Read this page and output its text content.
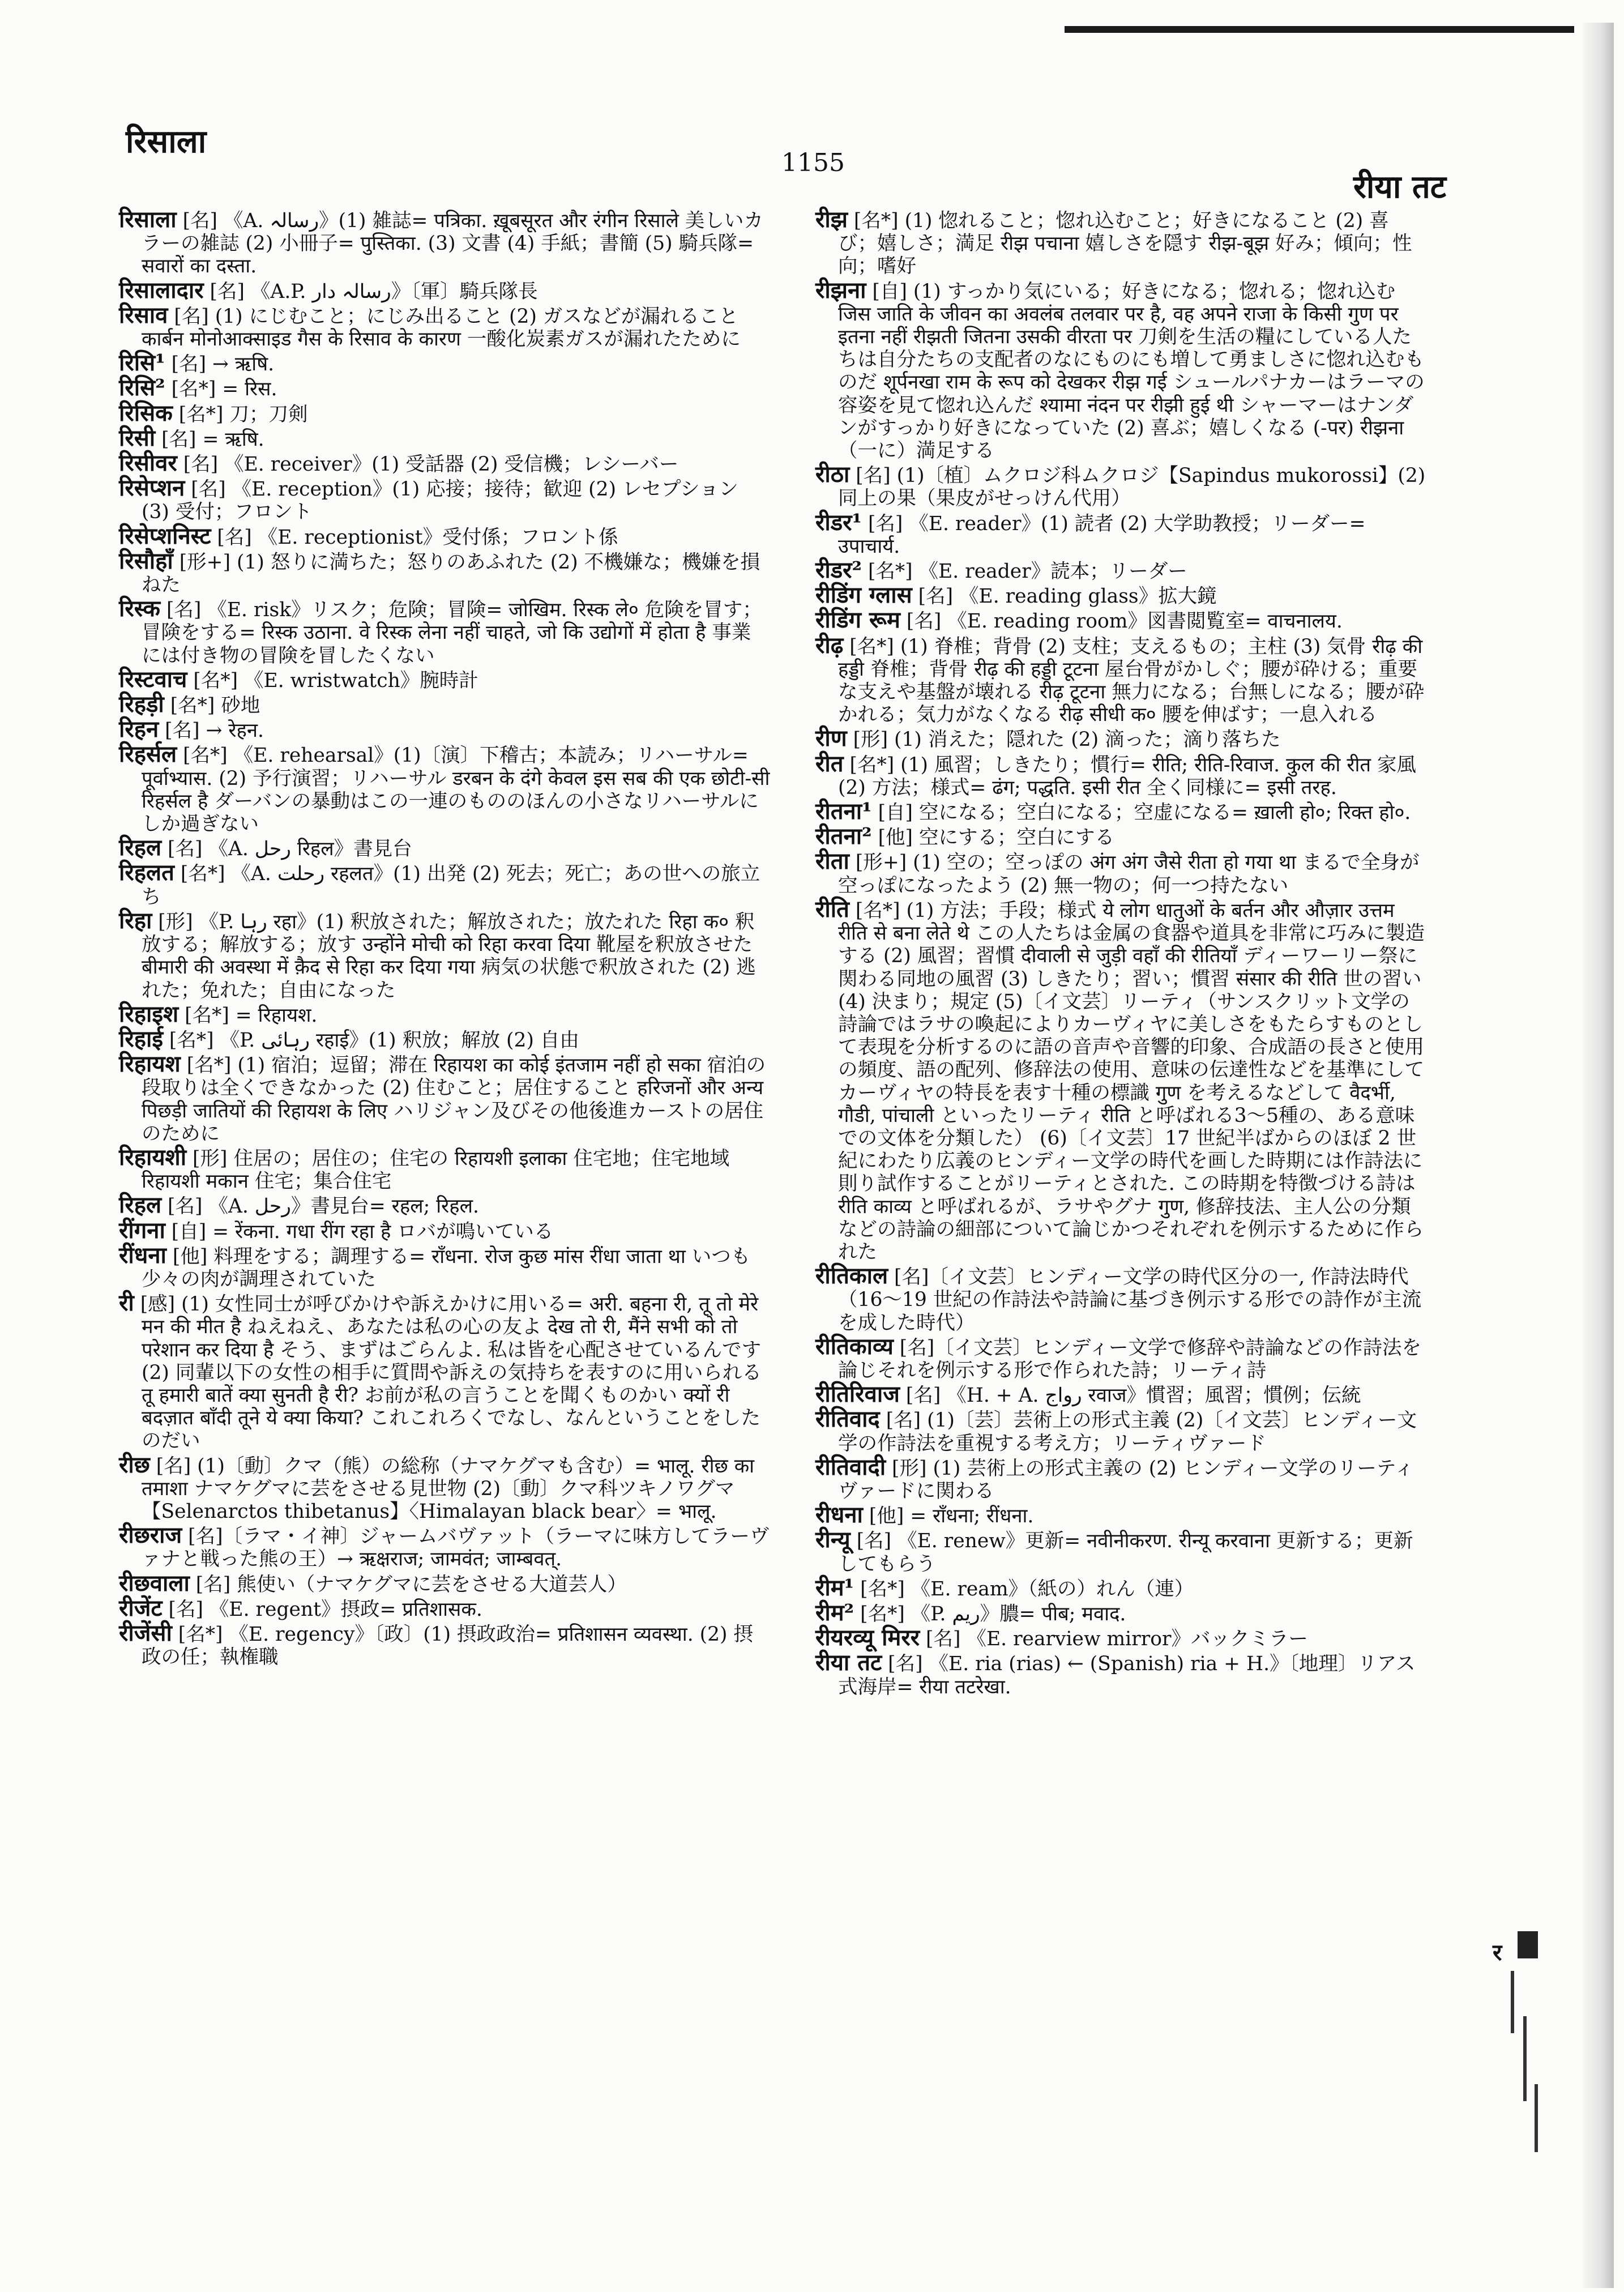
रिसाला
1155
रीया तट
रिसाला [名] 《A. رسالہ》(1) 雑誌= पत्रिका. ख़ूबसूरत और रंगीन रिसाले 美しいカラーの雑誌 (2) 小冊子= पुस्तिका. (3) 文書 (4) 手紙；書簡 (5) 騎兵隊= सवारों का दस्ता.
रिसालादार [名] 《A.P. رسالہ دار》〔軍〕騎兵隊長
रिसाव [名] (1) にじむこと；にじみ出ること (2) ガスなどが漏れること कार्बन मोनोआक्साइड गैस के रिसाव के कारण 一酸化炭素ガスが漏れたために
रिसि¹ [名] → ऋषि.
रिसि² [名*] = रिस.
रिसिक [名*] 刀；刀剣
रिसी [名] = ऋषि.
रिसीवर [名] 《E. receiver》(1) 受話器 (2) 受信機；レシーバー
रिसेप्शन [名] 《E. reception》(1) 応接；接待；歓迎 (2) レセプション (3) 受付；フロント
रिसेप्शनिस्ट [名] 《E. receptionist》受付係；フロント係
रिसौहाँ [形+] (1) 怒りに満ちた；怒りのあふれた (2) 不機嫌な；機嫌を損ねた
रिस्क [名] 《E. risk》リスク；危険；冒険= जोखिम. रिस्क ले० 危険を冒す；冒険をする= रिस्क उठाना. वे रिस्क लेना नहीं चाहते, जो कि उद्योगों में होता है 事業には付き物の冒険を冒したくない
रिस्टवाच [名*] 《E. wristwatch》腕時計
रिहड़ी [名*] 砂地
रिहन [名] → रेहन.
रिहर्सल [名*] 《E. rehearsal》(1)〔演〕下稽古；本読み；リハーサル= पूर्वाभ्यास. (2) 予行演習；リハーサル डरबन के दंगे केवल इस सब की एक छोटी-सी रिहर्सल है ダーバンの暴動はこの一連のもののほんの小さなリハーサルにしか過ぎない
रिहल [名] 《A. رحل रिहल》書見台
रिहलत [名*] 《A. رحلت रहलत》(1) 出発 (2) 死去；死亡；あの世への旅立ち
रिहा [形] 《P. رہا रहा》(1) 釈放された；解放された；放たれた रिहा क० 釈放する；解放する；放す उन्होंने मोची को रिहा करवा दिया 靴屋を釈放させた बीमारी की अवस्था में क़ैद से रिहा कर दिया गया 病気の状態で釈放された (2) 逃れた；免れた；自由になった
रिहाइश [名*] = रिहायश.
रिहाई [名*] 《P. رہائی रहाई》(1) 釈放；解放 (2) 自由
रिहायश [名*] (1) 宿泊；逗留；滞在 रिहायश का कोई इंतजाम नहीं हो सका 宿泊の段取りは全くできなかった (2) 住むこと；居住すること हरिजनों और अन्य पिछड़ी जातियों की रिहायश के लिए ハリジャン及びその他後進カーストの居住のために
रिहायशी [形] 住居の；居住の；住宅の रिहायशी इलाका 住宅地；住宅地域 रिहायशी मकान 住宅；集合住宅
रिहल [名] 《A. رحل》書見台= रहल; रिहल.
रींगना [自] = रेंकना. गधा रींग रहा है ロバが鳴いている
रींधना [他] 料理をする；調理する= राँधना. रोज कुछ मांस रींधा जाता था いつも少々の肉が調理されていた
री [感] (1) 女性同士が呼びかけや訴えかけに用いる= अरी. बहना री, तू तो मेरे मन की मीत है ねえねえ、あなたは私の心の友よ देख तो री, मैंने सभी को तो परेशान कर दिया है そう、まずはごらんよ. 私は皆を心配させているんです (2) 同輩以下の女性の相手に質問や訴えの気持ちを表すのに用いられる तू हमारी बातें क्या सुनती है री? お前が私の言うことを聞くものかい क्यों री बदज़ात बाँदी तूने ये क्या किया? これこれろくでなし、なんということをしたのだい
रीछ [名] (1)〔動〕クマ（熊）の総称（ナマケグマも含む）= भालू. रीछ का तमाशा ナマケグマに芸をさせる見世物 (2)〔動〕クマ科ツキノワグマ【Selenarctos thibetanus】〈Himalayan black bear〉= भालू.
रीछराज [名]〔ラマ・イ神〕ジャームバヴァット（ラーマに味方してラーヴァナと戦った熊の王）→ ऋक्षराज; जामवंत; जाम्बवत्.
रीछवाला [名] 熊使い（ナマケグマに芸をさせる大道芸人）
रीजेंट [名] 《E. regent》摂政= प्रतिशासक.
रीजेंसी [名*] 《E. regency》〔政〕(1) 摂政政治= प्रतिशासन व्यवस्था. (2) 摂政の任；執権職
रीझ [名*] (1) 惚れること；惚れ込むこと；好きになること (2) 喜び；嬉しさ；満足 रीझ पचाना 嬉しさを隠す रीझ-बूझ 好み；傾向；性向；嗜好
रीझना [自] (1) すっかり気にいる；好きになる；惚れる；惚れ込む जिस जाति के जीवन का अवलंब तलवार पर है, वह अपने राजा के किसी गुण पर इतना नहीं रीझती जितना उसकी वीरता पर 刀剣を生活の糧にしている人たちは自分たちの支配者のなにものにも増して勇ましさに惚れ込むものだ शूर्पनखा राम के रूप को देखकर रीझ गई シュールパナカーはラーマの容姿を見て惚れ込んだ श्यामा नंदन पर रीझी हुई थी シャーマーはナンダンがすっかり好きになっていた (2) 喜ぶ；嬉しくなる (-पर) रीझना（一に）満足する
रीठा [名] (1)〔植〕ムクロジ科ムクロジ【Sapindus mukorossi】(2) 同上の果（果皮がせっけん代用）
रीडर¹ [名] 《E. reader》(1) 読者 (2) 大学助教授；リーダー= उपाचार्य.
रीडर² [名*] 《E. reader》読本；リーダー
रीडिंग ग्लास [名] 《E. reading glass》拡大鏡
रीडिंग रूम [名] 《E. reading room》図書閲覧室= वाचनालय.
रीढ़ [名*] (1) 脊椎；背骨 (2) 支柱；支えるもの；主柱 (3) 気骨 रीढ़ की हड्डी 脊椎；背骨 रीढ़ की हड्डी टूटना 屋台骨がかしぐ；腰が砕ける；重要な支えや基盤が壊れる रीढ़ टूटना 無力になる；台無しになる；腰が砕かれる；気力がなくなる रीढ़ सीधी क० 腰を伸ばす；一息入れる
रीण [形] (1) 消えた；隠れた (2) 滴った；滴り落ちた
रीत [名*] (1) 風習；しきたり；慣行= रीति; रीति-रिवाज. कुल की रीत 家風 (2) 方法；様式= ढंग; पद्धति. इसी रीत 全く同様に= इसी तरह.
रीतना¹ [自] 空になる；空白になる；空虚になる= ख़ाली हो०; रिक्त हो०.
रीतना² [他] 空にする；空白にする
रीता [形+] (1) 空の；空っぽの अंग अंग जैसे रीता हो गया था まるで全身が空っぽになったよう (2) 無一物の；何一つ持たない
रीति [名*] (1) 方法；手段；様式 ये लोग धातुओं के बर्तन और औज़ार उत्तम रीति से बना लेते थे この人たちは金属の食器や道具を非常に巧みに製造する (2) 風習；習慣 दीवाली से जुड़ी वहाँ की रीतियाँ ディーワーリー祭に関わる同地の風習 (3) しきたり；習い；慣習 संसार की रीति 世の習い (4) 決まり；規定 (5)〔イ文芸〕リーティ（サンスクリット文学の詩論ではラサの喚起によりカーヴィヤに美しさをもたらすものとして表現を分析するのに語の音声や音響的印象、合成語の長さと使用の頻度、語の配列、修辞法の使用、意味の伝達性などを基準にしてカーヴィヤの特長を表す十種の標識 गुण を考えるなどして वैदर्भी, गौडी, पांचाली といったリーティ रीति と呼ばれる3〜5種の、ある意味での文体を分類した） (6)〔イ文芸〕17 世紀半ばからのほぼ 2 世紀にわたり広義のヒンディー文学の時代を画した時期には作詩法に則り試作することがリーティとされた. この時期を特徴づける詩は रीति काव्य と呼ばれるが、ラサやグナ गुण, 修辞技法、主人公の分類などの詩論の細部について論じかつそれぞれを例示するために作られた
रीतिकाल [名]〔イ文芸〕ヒンディー文学の時代区分の一, 作詩法時代（16〜19 世紀の作詩法や詩論に基づき例示する形での詩作が主流を成した時代）
रीतिकाव्य [名]〔イ文芸〕ヒンディー文学で修辞や詩論などの作詩法を論じそれを例示する形で作られた詩；リーティ詩
रीतिरिवाज [名] 《H. + A. رواج रवाज》慣習；風習；慣例；伝統
रीतिवाद [名] (1)〔芸〕芸術上の形式主義 (2)〔イ文芸〕ヒンディー文学の作詩法を重視する考え方；リーティヴァード
रीतिवादी [形] (1) 芸術上の形式主義の (2) ヒンディー文学のリーティヴァードに関わる
रीधना [他] = राँधना; रींधना.
रीन्यू [名] 《E. renew》更新= नवीनीकरण. रीन्यू करवाना 更新する；更新してもらう
रीम¹ [名*] 《E. ream》（紙の）れん（連）
रीम² [名*] 《P. ریم》膿= पीब; मवाद.
रीयरव्यू मिरर [名] 《E. rearview mirror》バックミラー
रीया तट [名] 《E. ria (rias) ← (Spanish) ria + H.》〔地理〕リアス式海岸= रीया तटरेखा.
र
